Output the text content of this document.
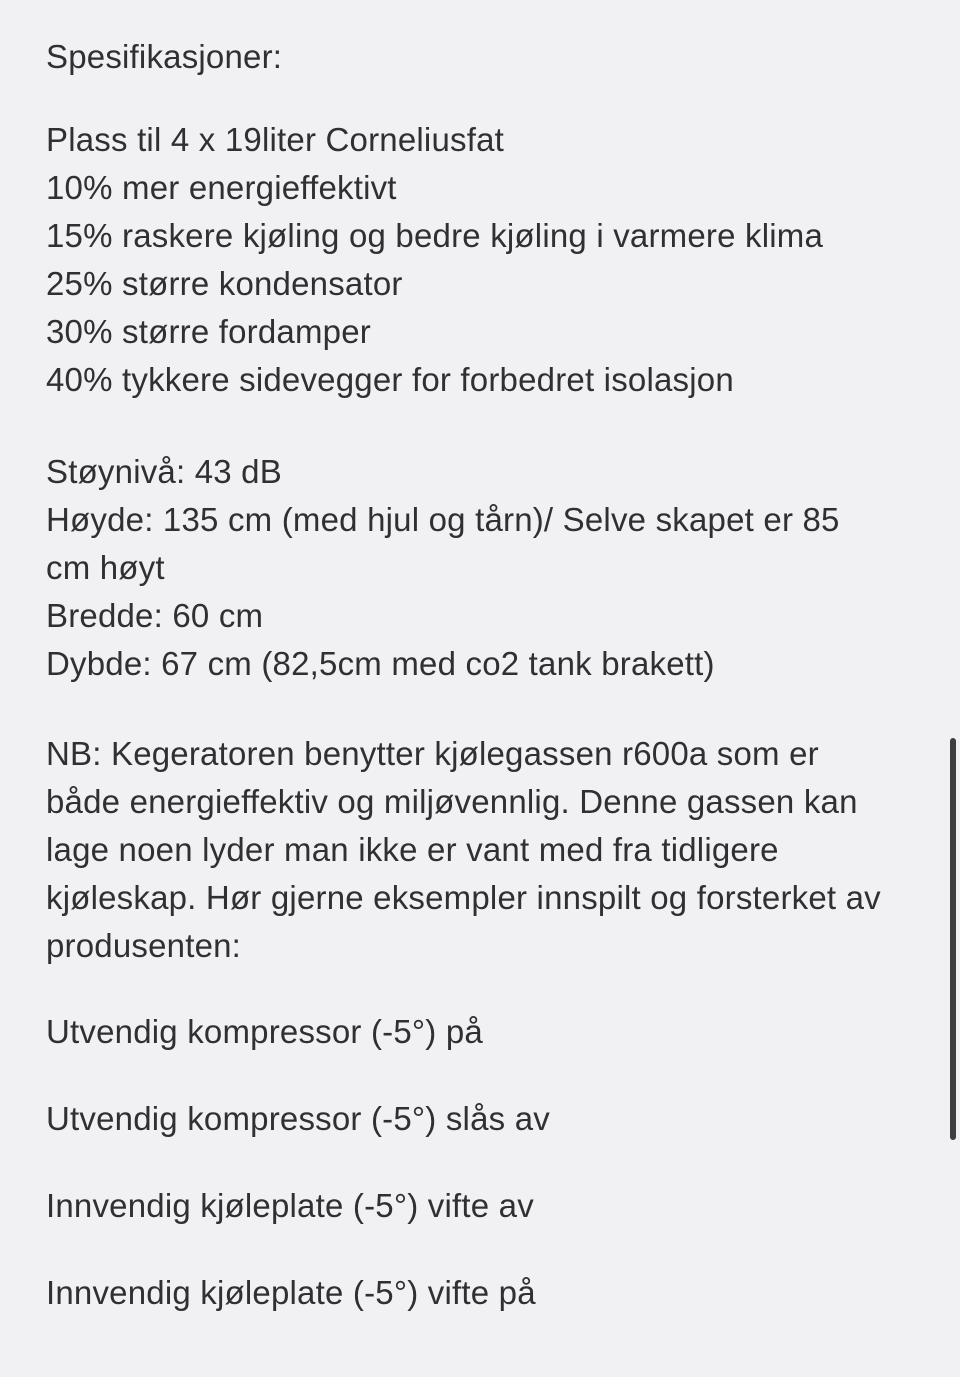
Spesifikasjoner:

Plass til 4 x 19liter Corneliusfat
10% mer energieffektivt
15% raskere kjøling og bedre kjøling i varmere klima
25% større kondensator
30% større fordamper
40% tykkere sidevegger for forbedret isolasjon
Støynivå: 43 dB
Høyde: 135 cm (med hjul og tårn)/ Selve skapet er 85 cm høyt
Bredde: 60 cm
Dybde: 67 cm (82,5cm med co2 tank brakett)

NB: Kegeratoren benytter kjølegassen r600a som er både energieffektiv og miljøvennlig. Denne gassen kan lage noen lyder man ikke er vant med fra tidligere kjøleskap. Hør gjerne eksempler innspilt og forsterket av produsenten:

Utvendig kompressor (-5°) på

Utvendig kompressor (-5°) slås av

Innvendig kjøleplate (-5°) vifte av

Innvendig kjøleplate (-5°) vifte på
